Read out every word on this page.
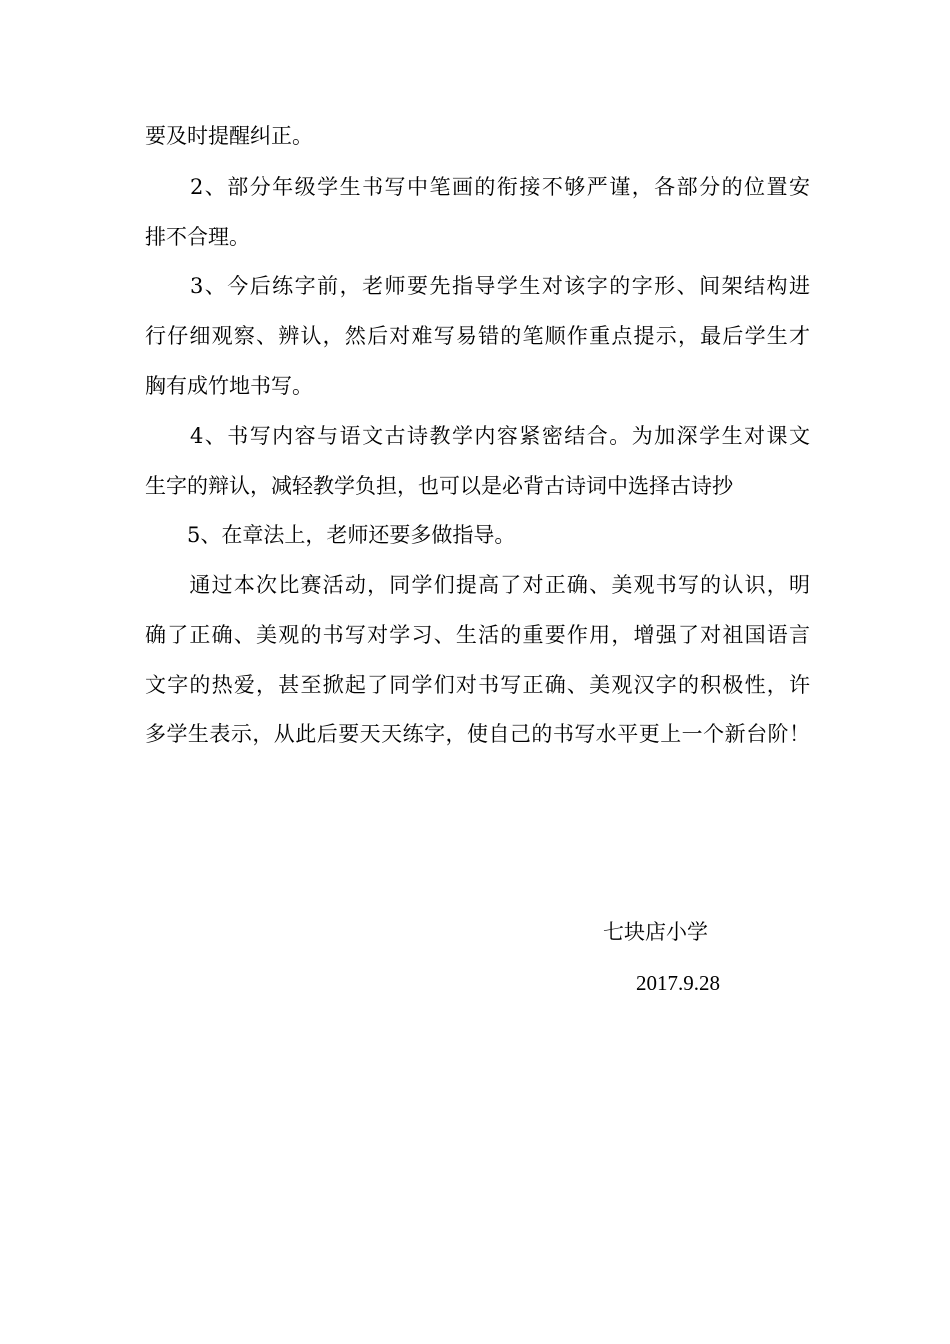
要及时提醒纠正。
　　2、部分年级学生书写中笔画的衔接不够严谨，各部分的位置安
排不合理。
　　3、今后练字前，老师要先指导学生对该字的字形、间架结构进
行仔细观察、辨认，然后对难写易错的笔顺作重点提示，最后学生才
胸有成竹地书写。
　　4、书写内容与语文古诗教学内容紧密结合。为加深学生对课文
生字的辩认，减轻教学负担，也可以是必背古诗词中选择古诗抄
　　5、在章法上，老师还要多做指导。
　　通过本次比赛活动，同学们提高了对正确、美观书写的认识，明
确了正确、美观的书写对学习、生活的重要作用，增强了对祖国语言
文字的热爱，甚至掀起了同学们对书写正确、美观汉字的积极性，许
多学生表示，从此后要天天练字，使自己的书写水平更上一个新台阶！
七块店小学
2017.9.28
